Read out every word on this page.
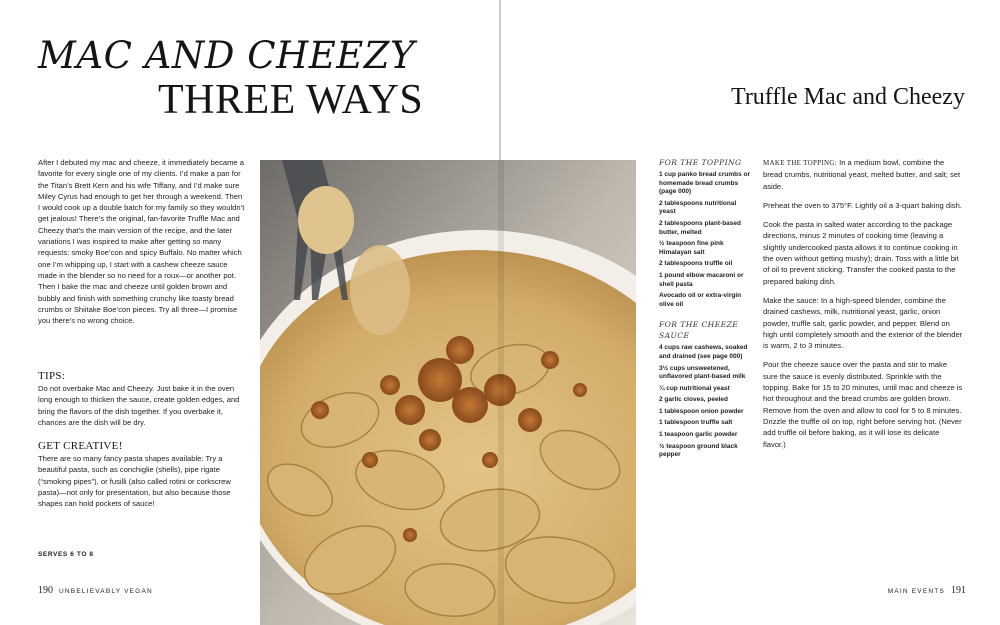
MAC AND CHEEZY
THREE WAYS
After I debuted my mac and cheeze, it immediately became a favorite for every single one of my clients. I’d make a pan for the Titan’s Brett Kern and his wife Tiffany, and I’d make sure Miley Cyrus had enough to get her through a weekend. Then I would cook up a double batch for my family so they wouldn’t get jealous! There’s the original, fan-favorite Truffle Mac and Cheezy that’s the main version of the recipe, and the later variations I was inspired to make after getting so many requests: smoky Boe’con and spicy Buffalo. No matter which one I’m whipping up, I start with a cashew cheeze sauce made in the blender so no need for a roux—or another pot. Then I bake the mac and cheeze until golden brown and bubbly and finish with something crunchy like toasty bread crumbs or Shiitake Boe’con pieces. Try all three—I promise you there’s no wrong choice.
TIPS:
Do not overbake Mac and Cheezy. Just bake it in the oven long enough to thicken the sauce, create golden edges, and bring the flavors of the dish together. If you overbake it, chances are the dish will be dry.
GET CREATIVE!
There are so many fancy pasta shapes available: Try a beautiful pasta, such as conchiglie (shells), pipe rigate (“smoking pipes”), or fusilli (also called rotini or corkscrew pasta)—not only for presentation, but also because those shapes can hold pockets of sauce!
SERVES 6 TO 8
190 UNBELIEVABLY VEGAN
Truffle Mac and Cheezy
FOR THE TOPPING
1 cup panko bread crumbs or homemade bread crumbs (page 000)
2 tablespoons nutritional yeast
2 tablespoons plant-based butter, melted
½ teaspoon fine pink Himalayan salt
2 tablespoons truffle oil
1 pound elbow macaroni or shell pasta
Avocado oil or extra-virgin olive oil
FOR THE CHEEZE SAUCE
4 cups raw cashews, soaked and drained (see page 000)
3½ cups unsweetened, unflavored plant-based milk
¼ cup nutritional yeast
2 garlic cloves, peeled
1 tablespoon onion powder
1 tablespoon truffle salt
1 teaspoon garlic powder
½ teaspoon ground black pepper

MAKE THE TOPPING: In a medium bowl, combine the bread crumbs, nutritional yeast, melted butter, and salt; set aside.

Preheat the oven to 375°F. Lightly oil a 3-quart baking dish.

Cook the pasta in salted water according to the package directions, minus 2 minutes of cooking time (leaving a slightly undercooked pasta allows it to continue cooking in the oven without getting mushy); drain. Toss with a little bit of oil to prevent sticking. Transfer the cooked pasta to the prepared baking dish.

Make the sauce: In a high-speed blender, combine the drained cashews, milk, nutritional yeast, garlic, onion powder, truffle salt, garlic powder, and pepper. Blend on high until completely smooth and the exterior of the blender is warm, 2 to 3 minutes.

Pour the cheeze sauce over the pasta and stir to make sure the sauce is evenly distributed. Sprinkle with the topping. Bake for 15 to 20 minutes, until mac and cheeze is hot throughout and the bread crumbs are golden brown. Remove from the oven and allow to cool for 5 to 8 minutes. Drizzle the truffle oil on top, right before serving hot. (Never add truffle oil before baking, as it will lose its delicate flavor.)

MAIN EVENTS 191
